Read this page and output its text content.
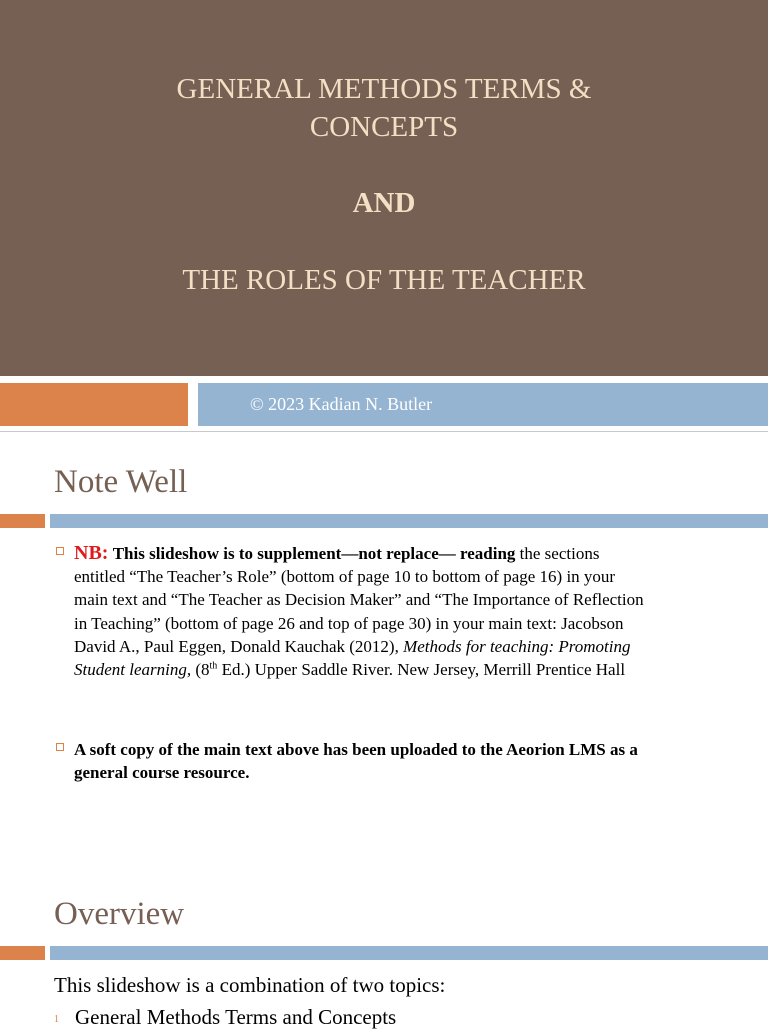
GENERAL METHODS TERMS &
CONCEPTS
AND
THE ROLES OF THE TEACHER
© 2023 Kadian N. Butler
Note Well
NB: This slideshow is to supplement—not replace— reading the sections entitled “The Teacher’s Role” (bottom of page 10 to bottom of page 16) in your main text and “The Teacher as Decision Maker” and “The Importance of Reflection in Teaching” (bottom of page 26 and top of page 30) in your main text: Jacobson David A., Paul Eggen, Donald Kauchak (2012), Methods for teaching: Promoting Student learning, (8th Ed.) Upper Saddle River. New Jersey, Merrill Prentice Hall
A soft copy of the main text above has been uploaded to the Aeorion LMS as a general course resource.
Overview
This slideshow is a combination of two topics:
1 General Methods Terms and Concepts
